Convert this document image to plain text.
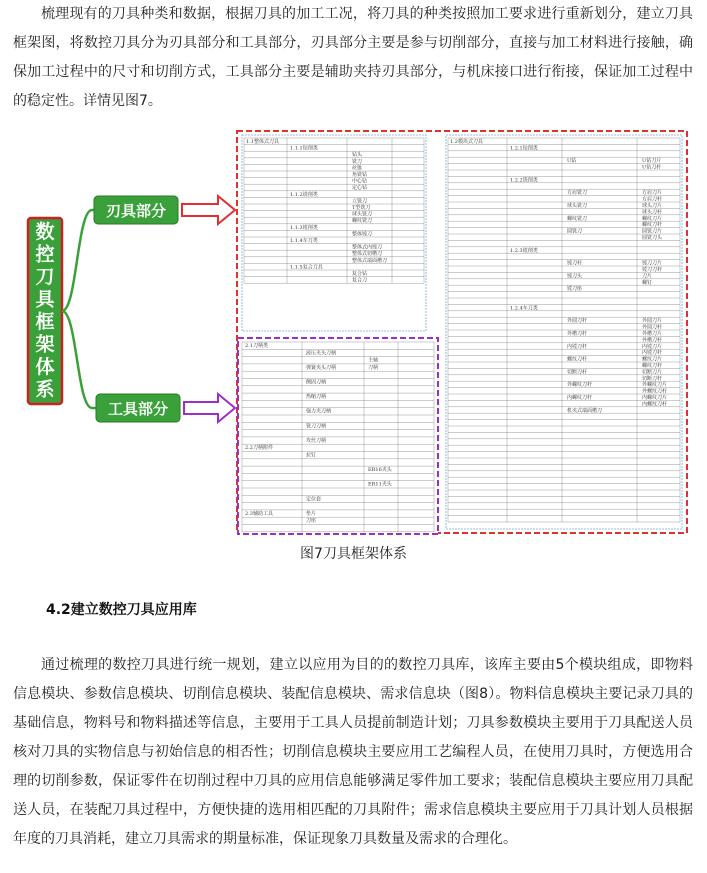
梳理现有的刀具种类和数据，根据刀具的加工工况，将刀具的种类按照加工要求进行重新划分，建立刀具框架图，将数控刀具分为刃具部分和工具部分，刃具部分主要是参与切削部分，直接与加工材料进行接触，确保加工过程中的尺寸和切削方式，工具部分主要是辅助夹持刃具部分，与机床接口进行衔接，保证加工过程中的稳定性。详情见图7。

数控刀具框架体系
刃具部分
工具部分
1.1整体式刀具
1.1.1钻削类
钻头
铣刀
丝锥
角铣钻
中心钻
定心钻
1.1.2铣削类
立铣刀
T型铣刀
球头铣刀
螺纹铣刀
1.1.3镗削类
整体镗刀
1.1.4车刀类
整体式内镗刀
整体式切槽刀
整体式端面槽刀
1.1.5复合刀具
复合钻
复合刀
1.2模块式刀具
1.2.1钻削类
U钻	U钻刀片
U钻刀杆
1.2.2铣削类
方肩铣刀
球头铣刀
螺纹铣刀
圆铣刀
方肩刀片
方肩刀杆
球头刀片
球头刀杆
螺纹刀片
螺纹刀杆
圆铣刀片
圆铣刀头
1.2.3镗削类
镗刀杆
镗刀头
镗刀座
镗刀刀片
镗刀刀杆
刀片
螺钉
1.2.4车刀类
外圆刀杆
外槽刀杆
内镗刀杆
螺纹刀杆
切断刀杆
外螺纹刀杆
内螺纹刀杆
机夹式端面槽刀
外圆刀片
外圆刀杆
外槽刀片
外槽刀杆
内镗刀片
内镗刀杆
螺纹刀片
螺纹刀杆
切断刀片
切断刀杆
外螺纹刀片
外螺纹刀杆
内螺纹刀片
内螺纹刀杆
2.1刀柄类
液压夹头刀柄
弹簧夹头刀柄
侧固刀柄
热缩刀柄
强力夹刀柄
铣刀刀柄
攻丝刀柄
主轴
刀柄
2.2刀柄附件
拉钉
ER16夹头
ER11夹头
定位套
垫片
2.3辅助工具
刀座
图7刀具框架体系
4.2建立数控刀具应用库

通过梳理的数控刀具进行统一规划，建立以应用为目的的数控刀具库，该库主要由5个模块组成，即物料信息模块、参数信息模块、切削信息模块、装配信息模块、需求信息块（图8）。物料信息模块主要记录刀具的基础信息，物料号和物料描述等信息，主要用于工具人员提前制造计划；刀具参数模块主要用于刀具配送人员核对刀具的实物信息与初始信息的相否性；切削信息模块主要应用工艺编程人员，在使用刀具时，方便选用合理的切削参数，保证零件在切削过程中刀具的应用信息能够满足零件加工要求；装配信息模块主要应用刀具配送人员，在装配刀具过程中，方便快捷的选用相匹配的刀具附件；需求信息模块主要应用于刀具计划人员根据年度的刀具消耗，建立刀具需求的期量标准，保证现象刀具数量及需求的合理化。
